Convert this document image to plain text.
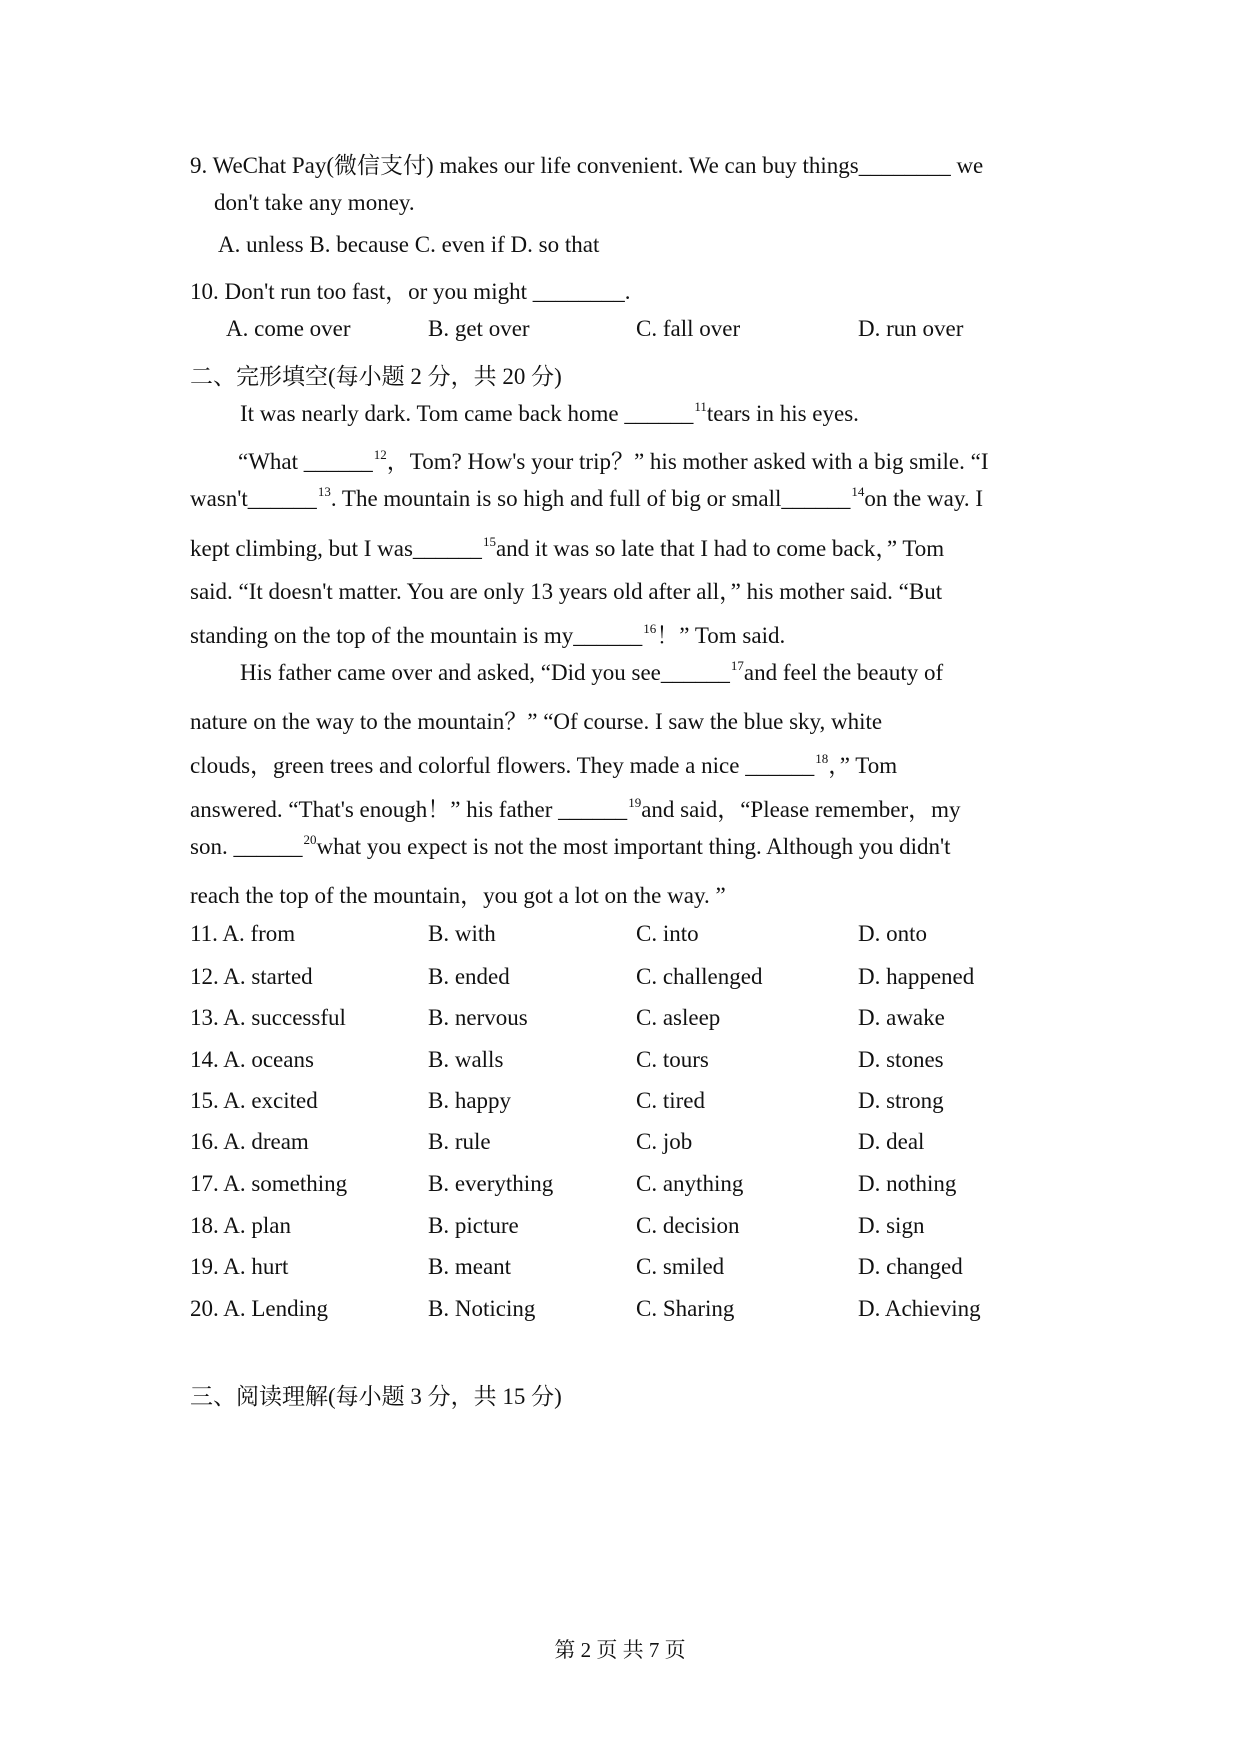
9. WeChat Pay(微信支付) makes our life convenient. We can buy things________ we
don't take any money.
A. unless B. because C. even if D. so that
10. Don't run too fast，or you might ________.
A. come over	B. get over	C. fall over	D. run over
二、完形填空(每小题 2 分，共 20 分)
It was nearly dark. Tom came back home ______$^{11}$tears in his eyes.
“What ______$^{12}$，Tom? How's your trip？” his mother asked with a big smile. “I
wasn't______$^{13}$. The mountain is so high and full of big or small______$^{14}$on the way. I
kept climbing, but I was______$^{15}$and it was so late that I had to come back，” Tom
said. “It doesn't matter. You are only 13 years old after all，” his mother said. “But
standing on the top of the mountain is my______$^{16}$！” Tom said.
His father came over and asked, “Did you see______$^{17}$and feel the beauty of
nature on the way to the mountain？” “Of course. I saw the blue sky, white
clouds，green trees and colorful flowers. They made a nice ______$^{18}$，” Tom
answered. “That's enough！” his father ______$^{19}$and said，“Please remember，my
son. ______$^{20}$what you expect is not the most important thing. Although you didn't
reach the top of the mountain，you got a lot on the way. ”
11. A. from	B. with	C. into	D. onto
12. A. started	B. ended	C. challenged	D. happened
13. A. successful	B. nervous	C. asleep	D. awake
14. A. oceans	B. walls	C. tours	D. stones
15. A. excited	B. happy	C. tired	D. strong
16. A. dream	B. rule	C. job	D. deal
17. A. something	B. everything	C. anything	D. nothing
18. A. plan	B. picture	C. decision	D. sign
19. A. hurt	B. meant	C. smiled	D. changed
20. A. Lending	B. Noticing	C. Sharing	D. Achieving
三、阅读理解(每小题 3 分，共 15 分)
第 2 页 共 7 页
